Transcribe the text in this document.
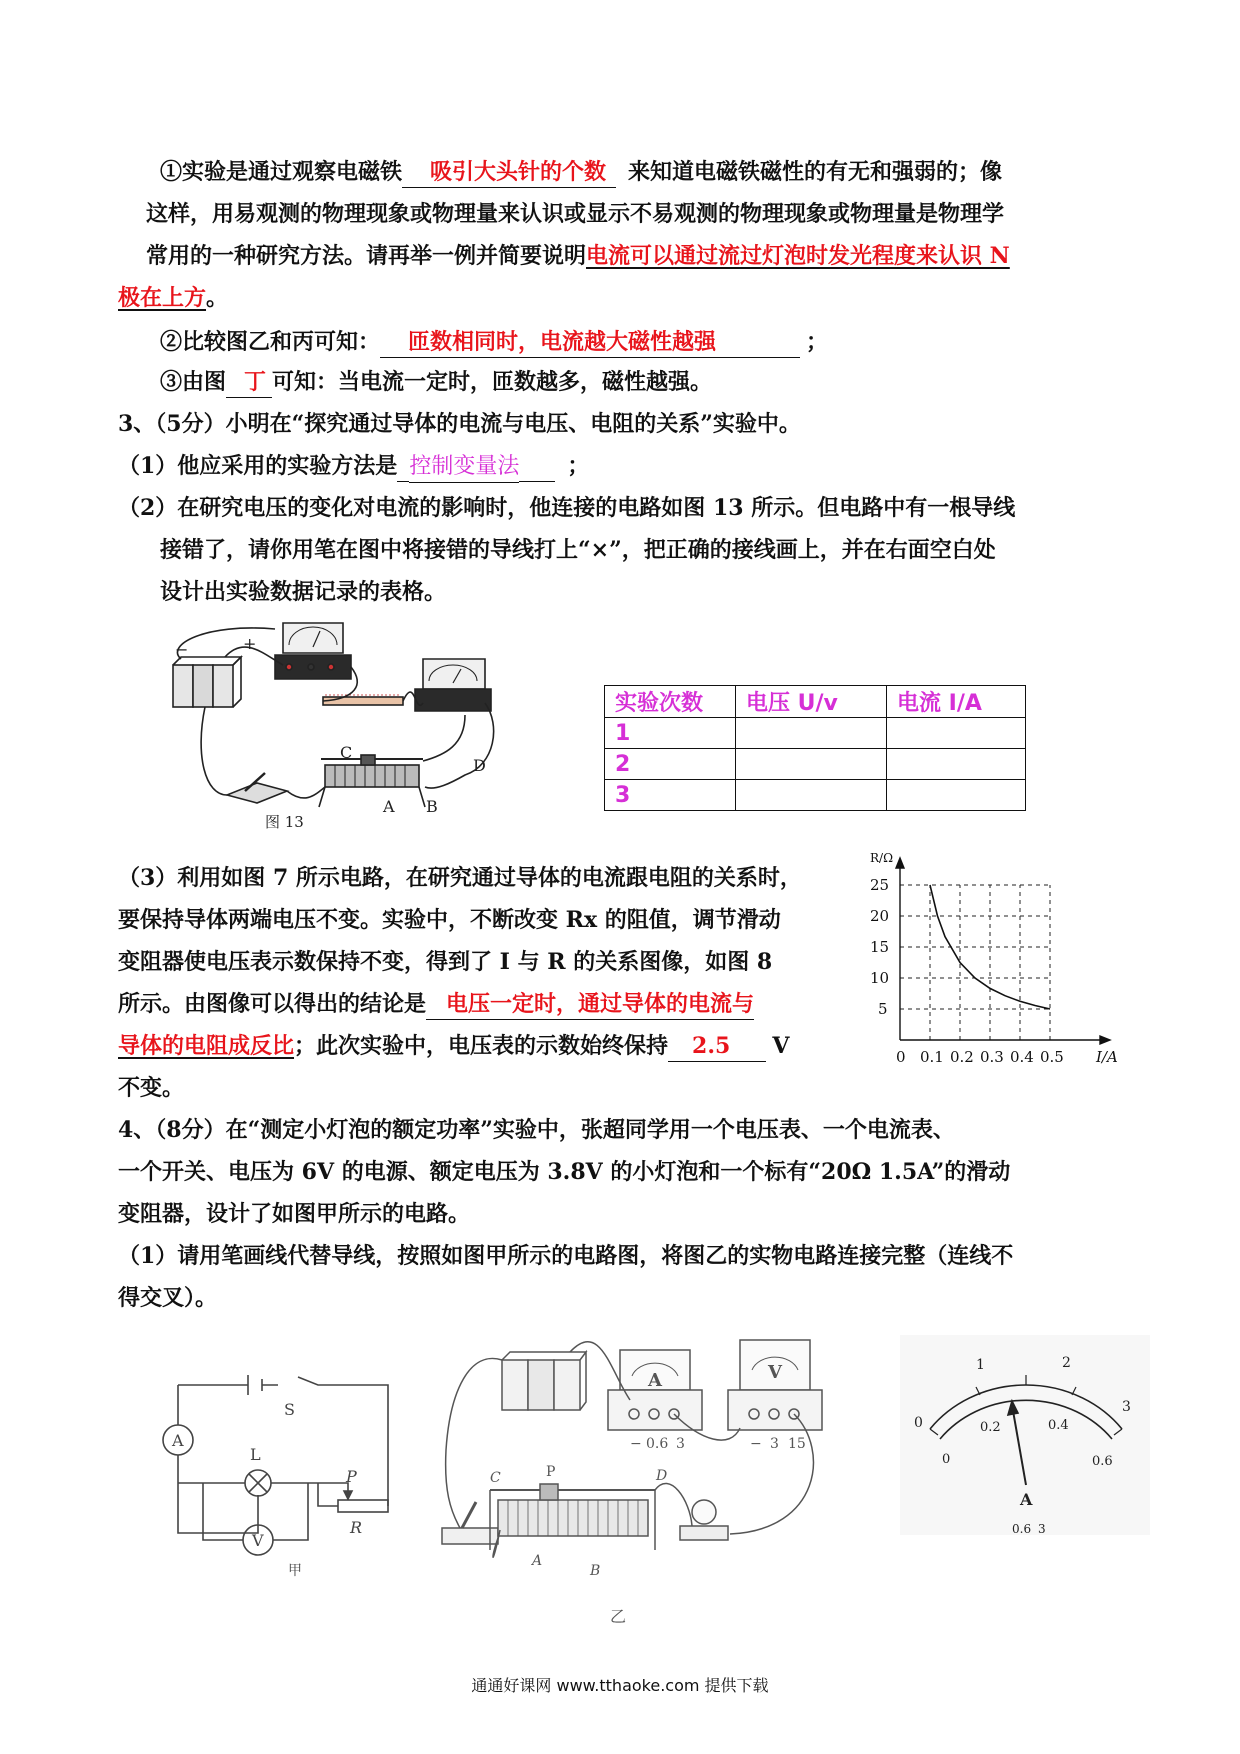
①实验是通过观察电磁铁 吸引大头针的个数 来知道电磁铁磁性的有无和强弱的；像
这样，用易观测的物理现象或物理量来认识或显示不易观测的物理现象或物理量是物理学
常用的一种研究方法。请再举一例并简要说明电流可以通过流过灯泡时发光程度来认识 N
极在上方。
②比较图乙和丙可知： 匝数相同时，电流越大磁性越强	；
③由图 丁 可知：当电流一定时，匝数越多，磁性越强。
3、（5分）小明在“探究通过导体的电流与电压、电阻的关系”实验中。
（1）他应采用的实验方法是 控制变量法 ；
（2）在研究电压的变化对电流的影响时，他连接的电路如图 13 所示。但电路中有一根导线
接错了，请你用笔在图中将接错的导线打上“×”，把正确的接线画上，并在右面空白处
设计出实验数据记录的表格。
C
D
A B
+
−
图 13
实验次数	电压 U/v	电流 I/A
1		
2		
3		
（3）利用如图 7 所示电路，在研究通过导体的电流跟电阻的关系时，
要保持导体两端电压不变。实验中，不断改变 Rx 的阻值，调节滑动
变阻器使电压表示数保持不变，得到了 I 与 R 的关系图像，如图 8
所示。由图像可以得出的结论是 电压一定时，通过导体的电流与
导体的电阻成反比；此次实验中，电压表的示数始终保持 2.5 V
不变。
0 0.1 0.2 0.3 0.4 0.5
5
10
15
20
25
R/Ω
I/A
4、（8分）在“测定小灯泡的额定功率”实验中，张超同学用一个电压表、一个电流表、
一个开关、电压为 6V 的电源、额定电压为 3.8V 的小灯泡和一个标有“20Ω 1.5A”的滑动
变阻器，设计了如图甲所示的电路。
（1）请用笔画线代替导线，按照如图甲所示的电路图，将图乙的实物电路连接完整（连线不
得交叉）。
S
A
L
P
R
V
甲
C	P	D
A
B
乙
A	V
− 0.6 3	− 3 15
0
1	2
3
0
0.2	0.4
0.6
A
0.6 3
通通好课网 www.tthaoke.com 提供下载
